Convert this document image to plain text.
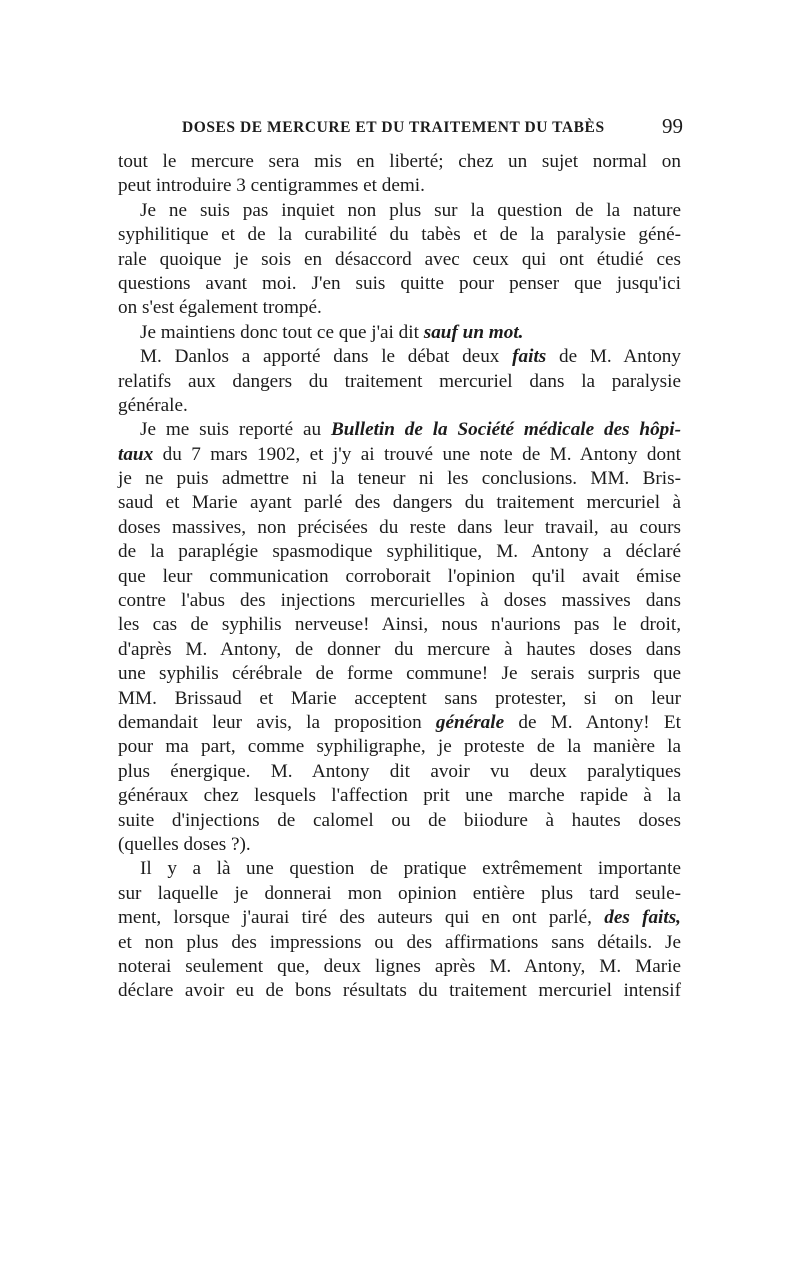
DOSES DE MERCURE ET DU TRAITEMENT DU TABÈS	99
tout le mercure sera mis en liberté; chez un sujet normal on
peut introduire 3 centigrammes et demi.
Je ne suis pas inquiet non plus sur la question de la nature
syphilitique et de la curabilité du tabès et de la paralysie géné-
rale quoique je sois en désaccord avec ceux qui ont étudié ces
questions avant moi. J'en suis quitte pour penser que jusqu'ici
on s'est également trompé.
Je maintiens donc tout ce que j'ai dit sauf un mot.
M. Danlos a apporté dans le débat deux faits de M. Antony
relatifs aux dangers du traitement mercuriel dans la paralysie
générale.
Je me suis reporté au Bulletin de la Société médicale des hôpi-
taux du 7 mars 1902, et j'y ai trouvé une note de M. Antony dont
je ne puis admettre ni la teneur ni les conclusions. MM. Bris-
saud et Marie ayant parlé des dangers du traitement mercuriel à
doses massives, non précisées du reste dans leur travail, au cours
de la paraplégie spasmodique syphilitique, M. Antony a déclaré
que leur communication corroborait l'opinion qu'il avait émise
contre l'abus des injections mercurielles à doses massives dans
les cas de syphilis nerveuse! Ainsi, nous n'aurions pas le droit,
d'après M. Antony, de donner du mercure à hautes doses dans
une syphilis cérébrale de forme commune! Je serais surpris que
MM. Brissaud et Marie acceptent sans protester, si on leur
demandait leur avis, la proposition générale de M. Antony! Et
pour ma part, comme syphiligraphe, je proteste de la manière la
plus énergique. M. Antony dit avoir vu deux paralytiques
généraux chez lesquels l'affection prit une marche rapide à la
suite d'injections de calomel ou de biiodure à hautes doses
(quelles doses ?).
Il y a là une question de pratique extrêmement importante
sur laquelle je donnerai mon opinion entière plus tard seule-
ment, lorsque j'aurai tiré des auteurs qui en ont parlé, des faits,
et non plus des impressions ou des affirmations sans détails. Je
noterai seulement que, deux lignes après M. Antony, M. Marie
déclare avoir eu de bons résultats du traitement mercuriel intensif
